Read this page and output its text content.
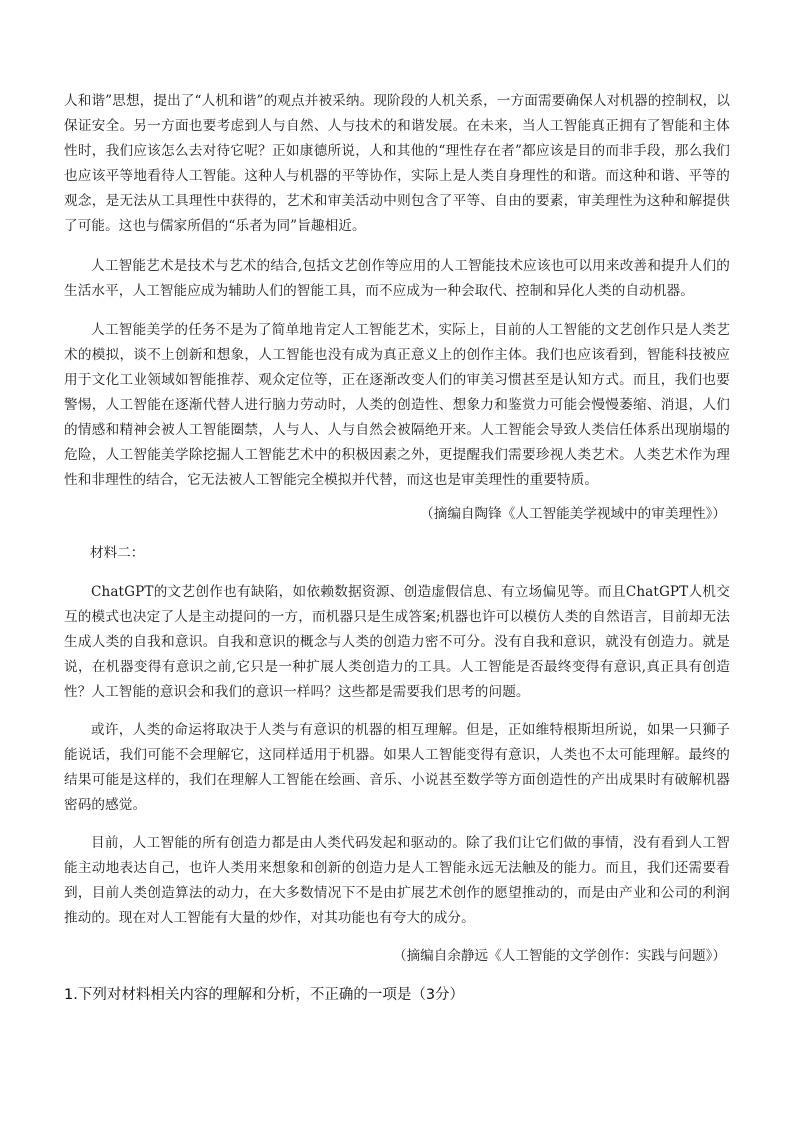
人和谐”思想，提出了“人机和谐”的观点并被采纳。现阶段的人机关系，一方面需要确保人对机器的控制权，以保证安全。另一方面也要考虑到人与自然、人与技术的和谐发展。在未来，当人工智能真正拥有了智能和主体性时，我们应该怎么去对待它呢？正如康德所说，人和其他的“理性存在者”都应该是目的而非手段，那么我们也应该平等地看待人工智能。这种人与机器的平等协作，实际上是人类自身理性的和谐。而这种和谐、平等的观念，是无法从工具理性中获得的，艺术和审美活动中则包含了平等、自由的要素，审美理性为这种和解提供了可能。这也与儒家所倡的“乐者为同”旨趣相近。

人工智能艺术是技术与艺术的结合,包括文艺创作等应用的人工智能技术应该也可以用来改善和提升人们的生活水平，人工智能应成为辅助人们的智能工具，而不应成为一种会取代、控制和异化人类的自动机器。

人工智能美学的任务不是为了简单地肯定人工智能艺术，实际上，目前的人工智能的文艺创作只是人类艺术的模拟，谈不上创新和想象，人工智能也没有成为真正意义上的创作主体。我们也应该看到，智能科技被应用于文化工业领域如智能推荐、观众定位等，正在逐渐改变人们的审美习惯甚至是认知方式。而且，我们也要警惕，人工智能在逐渐代替人进行脑力劳动时，人类的创造性、想象力和鉴赏力可能会慢慢萎缩、消退，人们的情感和精神会被人工智能圈禁，人与人、人与自然会被隔绝开来。人工智能会导致人类信任体系出现崩塌的危险，人工智能美学除挖掘人工智能艺术中的积极因素之外，更提醒我们需要珍视人类艺术。人类艺术作为理性和非理性的结合，它无法被人工智能完全模拟并代替，而这也是审美理性的重要特质。

（摘编自陶锋《人工智能美学视域中的审美理性》）

材料二：

ChatGPT的文艺创作也有缺陷，如依赖数据资源、创造虚假信息、有立场偏见等。而且ChatGPT人机交互的模式也决定了人是主动提问的一方，而机器只是生成答案;机器也许可以模仿人类的自然语言，目前却无法生成人类的自我和意识。自我和意识的概念与人类的创造力密不可分。没有自我和意识，就没有创造力。就是说，在机器变得有意识之前,它只是一种扩展人类创造力的工具。人工智能是否最终变得有意识,真正具有创造性？人工智能的意识会和我们的意识一样吗？这些都是需要我们思考的问题。

或许，人类的命运将取决于人类与有意识的机器的相互理解。但是，正如维特根斯坦所说，如果一只狮子能说话，我们可能不会理解它，这同样适用于机器。如果人工智能变得有意识，人类也不太可能理解。最终的结果可能是这样的，我们在理解人工智能在绘画、音乐、小说甚至数学等方面创造性的产出成果时有破解机器密码的感觉。

目前，人工智能的所有创造力都是由人类代码发起和驱动的。除了我们让它们做的事情，没有看到人工智能主动地表达自己，也许人类用来想象和创新的创造力是人工智能永远无法触及的能力。而且，我们还需要看到，目前人类创造算法的动力，在大多数情况下不是由扩展艺术创作的愿望推动的，而是由产业和公司的利润推动的。现在对人工智能有大量的炒作，对其功能也有夸大的成分。

（摘编自余静远《人工智能的文学创作：实践与问题》）

1.下列对材料相关内容的理解和分析，不正确的一项是（3分）
